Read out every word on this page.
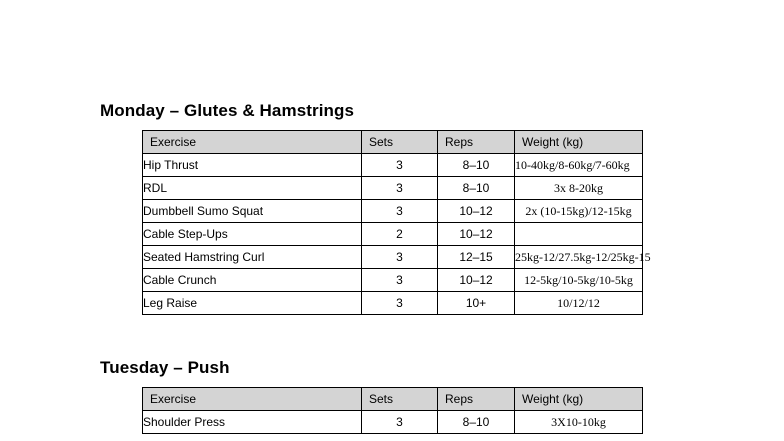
Monday – Glutes & Hamstrings
Exercise	Sets	Reps	Weight (kg)
Hip Thrust	3	8–10	10-40kg/8-60kg/7-60kg
RDL	3	8–10	3x 8-20kg
Dumbbell Sumo Squat	3	10–12	2x (10-15kg)/12-15kg
Cable Step-Ups	2	10–12	
Seated Hamstring Curl	3	12–15	25kg-12/27.5kg-12/25kg-15
Cable Crunch	3	10–12	12-5kg/10-5kg/10-5kg
Leg Raise	3	10+	10/12/12
Tuesday – Push
Exercise	Sets	Reps	Weight (kg)
Shoulder Press	3	8–10	3X10-10kg
